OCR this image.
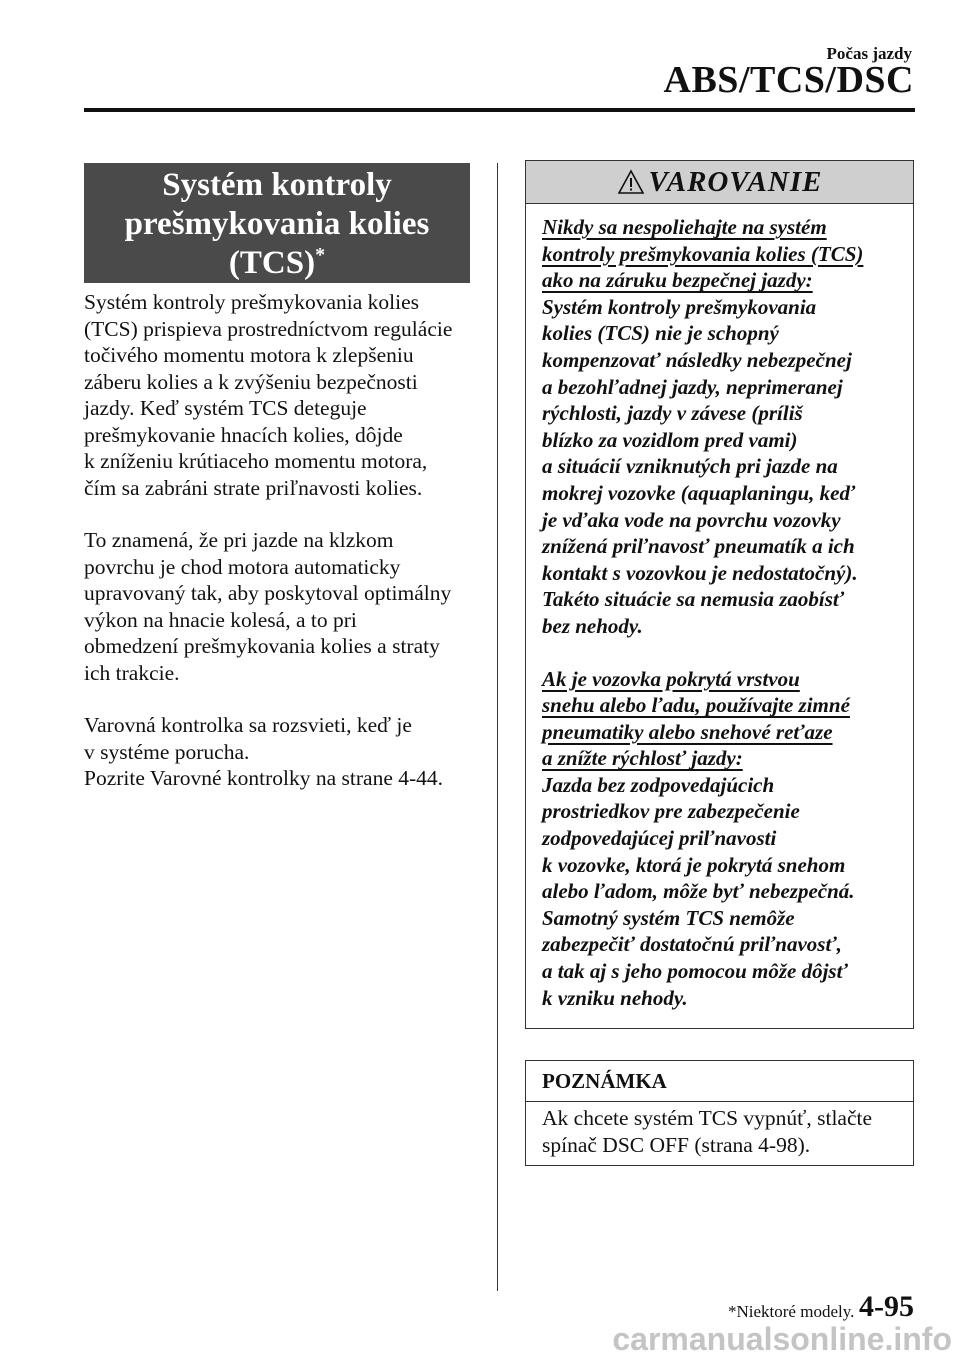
Počas jazdy
ABS/TCS/DSC
Systém kontroly
prešmykovania kolies
(TCS)*

Systém kontroly prešmykovania kolies
(TCS) prispieva prostredníctvom regulácie
točivého momentu motora k zlepšeniu
záberu kolies a k zvýšeniu bezpečnosti
jazdy. Keď systém TCS deteguje
prešmykovanie hnacích kolies, dôjde
k zníženiu krútiaceho momentu motora,
čím sa zabráni strate priľnavosti kolies.

To znamená, že pri jazde na klzkom
povrchu je chod motora automaticky
upravovaný tak, aby poskytoval optimálny
výkon na hnacie kolesá, a to pri
obmedzení prešmykovania kolies a straty
ich trakcie.

Varovná kontrolka sa rozsvieti, keď je
v systéme porucha.
Pozrite Varovné kontrolky na strane 4-44.

VAROVANIE

Nikdy sa nespoliehajte na systém
kontroly prešmykovania kolies (TCS)
ako na záruku bezpečnej jazdy:
Systém kontroly prešmykovania
kolies (TCS) nie je schopný
kompenzovať následky nebezpečnej
a bezohľadnej jazdy, neprimeranej
rýchlosti, jazdy v závese (príliš
blízko za vozidlom pred vami)
a situácií vzniknutých pri jazde na
mokrej vozovke (aquaplaningu, keď
je vďaka vode na povrchu vozovky
znížená priľnavosť pneumatík a ich
kontakt s vozovkou je nedostatočný).
Takéto situácie sa nemusia zaobísť
bez nehody.

Ak je vozovka pokrytá vrstvou
snehu alebo ľadu, používajte zimné
pneumatiky alebo snehové reťaze
a znížte rýchlosť jazdy:
Jazda bez zodpovedajúcich
prostriedkov pre zabezpečenie
zodpovedajúcej priľnavosti
k vozovke, ktorá je pokrytá snehom
alebo ľadom, môže byť nebezpečná.
Samotný systém TCS nemôže
zabezpečiť dostatočnú priľnavosť,
a tak aj s jeho pomocou môže dôjsť
k vzniku nehody.

POZNÁMKA
Ak chcete systém TCS vypnúť, stlačte
spínač DSC OFF (strana 4-98).
*Niektoré modely. 4-95
carmanualsonline.info
